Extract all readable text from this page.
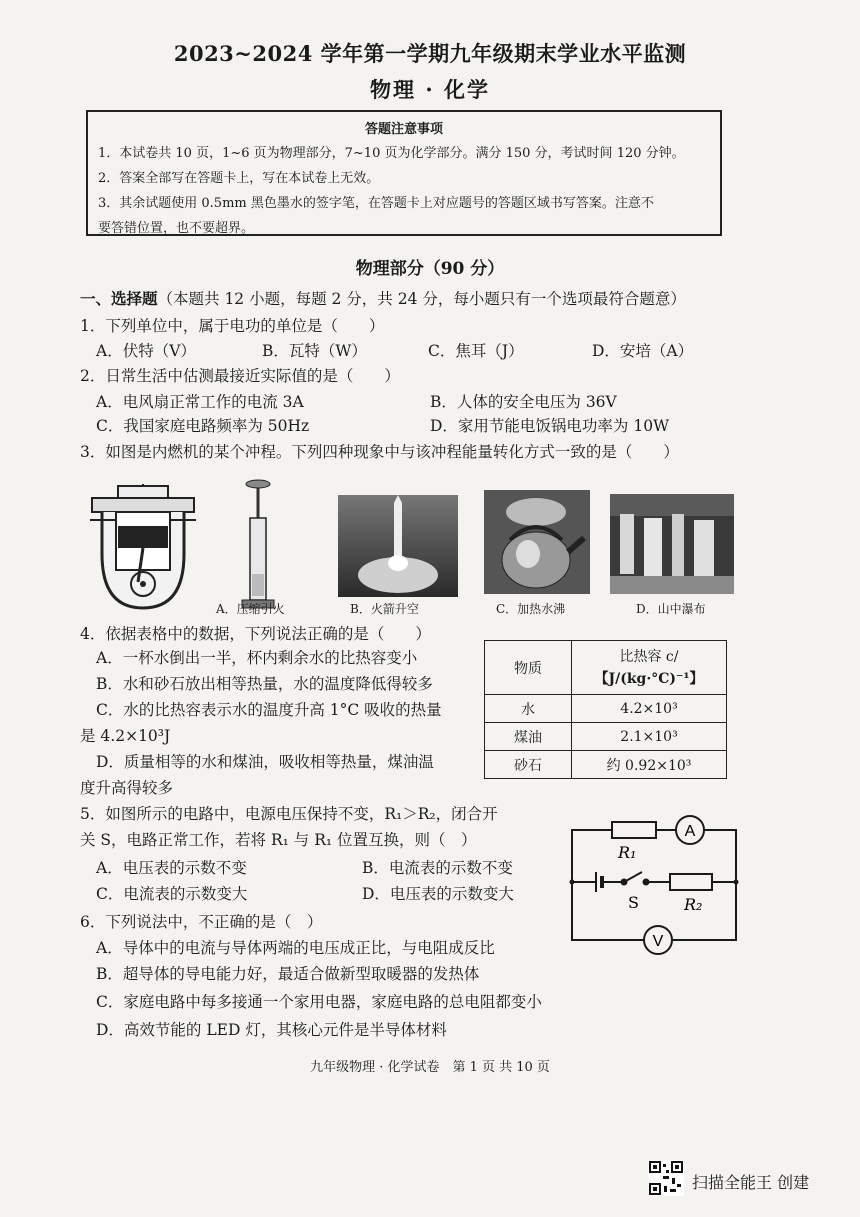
2023~2024 学年第一学期九年级期末学业水平监测
物理 · 化学
答题注意事项
1．本试卷共 10 页，1~6 页为物理部分，7~10 页为化学部分。满分 150 分，考试时间 120 分钟。
2．答案全部写在答题卡上，写在本试卷上无效。
3．其余试题使用 0.5mm 黑色墨水的签字笔，在答题卡上对应题号的答题区域书写答案。注意不
要答错位置，也不要超界。
物理部分（90 分）
一、选择题（本题共 12 小题，每题 2 分，共 24 分，每小题只有一个选项最符合题意）
1．下列单位中，属于电功的单位是（　　）
A．伏特（V）	B．瓦特（W）	C．焦耳（J）	D．安培（A）
2．日常生活中估测最接近实际值的是（　　）
A．电风扇正常工作的电流 3A	B．人体的安全电压为 36V
C．我国家庭电路频率为 50Hz	D．家用节能电饭锅电功率为 10W
3．如图是内燃机的某个冲程。下列四种现象中与该冲程能量转化方式一致的是（　　）
A．压缩引火	B．火箭升空	C．加热水沸	D．山中瀑布
4．依据表格中的数据，下列说法正确的是（　　）
A．一杯水倒出一半，杯内剩余水的比热容变小
B．水和砂石放出相等热量，水的温度降低得较多
C．水的比热容表示水的温度升高 1°C 吸收的热量
是 4.2×10³J
D．质量相等的水和煤油，吸收相等热量，煤油温
度升高得较多
物质	比热容 c/
【J/(kg·°C)⁻¹】

水	4.2×10³
煤油	2.1×10³
砂石	约 0.92×10³
5．如图所示的电路中，电源电压保持不变，R₁＞R₂，闭合开
关 S，电路正常工作，若将 R₁ 与 R₁ 位置互换，则（　）
A．电压表的示数不变	B．电流表的示数不变
C．电流表的示数变大	D．电压表的示数变大
A
V
R₁
R₂
S
6．下列说法中，不正确的是（　）
A．导体中的电流与导体两端的电压成正比，与电阻成反比
B．超导体的导电能力好，最适合做新型取暖器的发热体
C．家庭电路中每多接通一个家用电器，家庭电路的总电阻都变小
D．高效节能的 LED 灯，其核心元件是半导体材料
九年级物理 · 化学试卷　第 1 页 共 10 页
扫描全能王 创建
